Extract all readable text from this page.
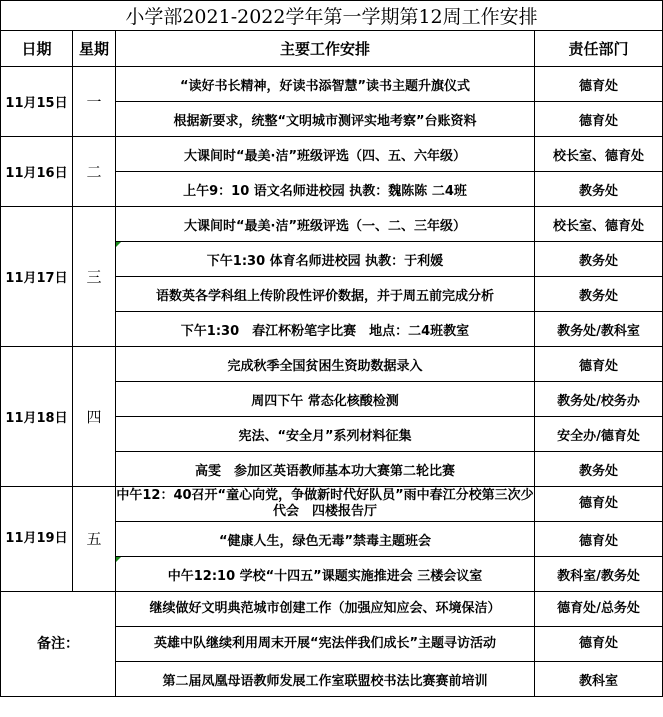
小学部2021-2022学年第一学期第12周工作安排			
日期	星期	主要工作安排	责任部门
11月15日	一	“读好书长精神，好读书添智慧”读书主题升旗仪式	德育处
		根据新要求，统整“文明城市测评实地考察”台账资料	德育处
11月16日	二	大课间时“最美·洁”班级评选（四、五、六年级）	校长室、德育处
		上午9：10 语文名师进校园 执教：魏陈陈 二4班	教务处
11月17日	三	大课间时“最美·洁”班级评选（一、二、三年级）	校长室、德育处
		下午1:30 体育名师进校园 执教：于利媛	教务处
		语数英各学科组上传阶段性评价数据，并于周五前完成分析	教务处
		下午1:30　春江杯粉笔字比赛　地点：二4班教室	教务处/教科室
11月18日	四	完成秋季全国贫困生资助数据录入	德育处
		周四下午 常态化核酸检测	教务处/校务办
		宪法、“安全月”系列材料征集	安全办/德育处
		高雯　参加区英语教师基本功大赛第二轮比赛	教务处
11月19日	五	中午12：40召开“童心向党，争做新时代好队员”雨中春江分校第三次少代会　四楼报告厅	德育处
		“健康人生，绿色无毒”禁毒主题班会	德育处
		中午12:10 学校“十四五”课题实施推进会 三楼会议室	教科室/教务处
备注：		继续做好文明典范城市创建工作（加强应知应会、环境保洁）	德育处/总务处
		英雄中队继续利用周末开展“宪法伴我们成长”主题寻访活动	德育处
		第二届凤凰母语教师发展工作室联盟校书法比赛赛前培训	教科室
